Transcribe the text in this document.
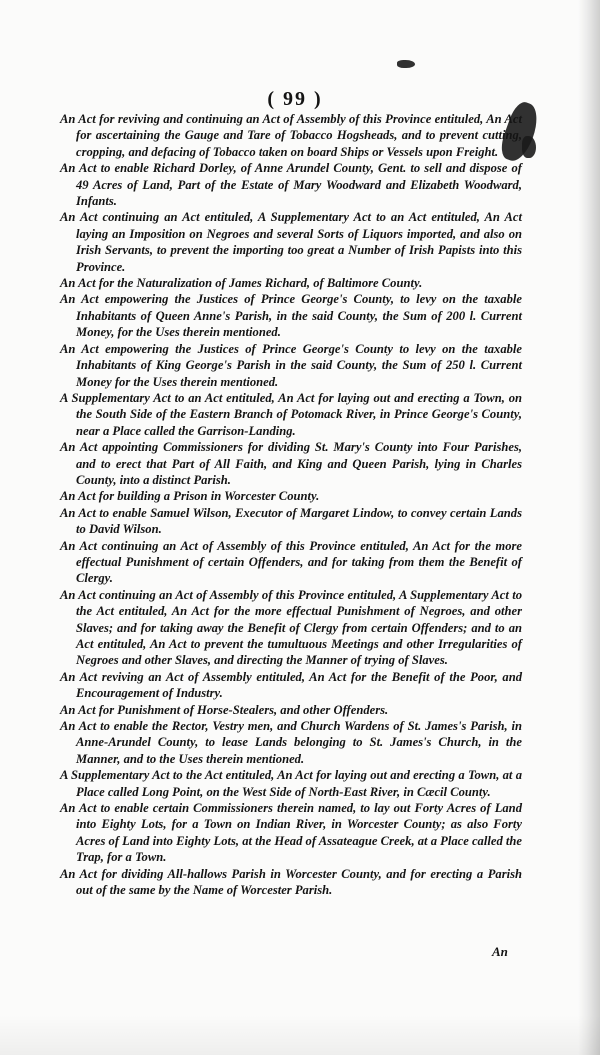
( 99 )

An Act for reviving and continuing an Act of Assembly of this Province entituled, An Act for ascertaining the Gauge and Tare of Tobacco Hogsheads, and to prevent cutting, cropping, and defacing of Tobacco taken on board Ships or Vessels upon Freight.

An Act to enable Richard Dorley, of Anne Arundel County, Gent. to sell and dispose of 49 Acres of Land, Part of the Estate of Mary Woodward and Elizabeth Woodward, Infants.

An Act continuing an Act entituled, A Supplementary Act to an Act entituled, An Act laying an Imposition on Negroes and several Sorts of Liquors imported, and also on Irish Servants, to prevent the importing too great a Number of Irish Papists into this Province.

An Act for the Naturalization of James Richard, of Baltimore County.

An Act empowering the Justices of Prince George's County, to levy on the taxable Inhabitants of Queen Anne's Parish, in the said County, the Sum of 200 l. Current Money, for the Uses therein mentioned.

An Act empowering the Justices of Prince George's County to levy on the taxable Inhabitants of King George's Parish in the said County, the Sum of 250 l. Current Money for the Uses therein mentioned.

A Supplementary Act to an Act entituled, An Act for laying out and erecting a Town, on the South Side of the Eastern Branch of Potomack River, in Prince George's County, near a Place called the Garrison-Landing.

An Act appointing Commissioners for dividing St. Mary's County into Four Parishes, and to erect that Part of All Faith, and King and Queen Parish, lying in Charles County, into a distinct Parish.

An Act for building a Prison in Worcester County.

An Act to enable Samuel Wilson, Executor of Margaret Lindow, to convey certain Lands to David Wilson.

An Act continuing an Act of Assembly of this Province entituled, An Act for the more effectual Punishment of certain Offenders, and for taking from them the Benefit of Clergy.

An Act continuing an Act of Assembly of this Province entituled, A Supplementary Act to the Act entituled, An Act for the more effectual Punishment of Negroes, and other Slaves; and for taking away the Benefit of Clergy from certain Offenders; and to an Act entituled, An Act to prevent the tumultuous Meetings and other Irregularities of Negroes and other Slaves, and directing the Manner of trying of Slaves.

An Act reviving an Act of Assembly entituled, An Act for the Benefit of the Poor, and Encouragement of Industry.

An Act for Punishment of Horse-Stealers, and other Offenders.

An Act to enable the Rector, Vestry men, and Church Wardens of St. James's Parish, in Anne-Arundel County, to lease Lands belonging to St. James's Church, in the Manner, and to the Uses therein mentioned.

A Supplementary Act to the Act entituled, An Act for laying out and erecting a Town, at a Place called Long Point, on the West Side of North-East River, in Cæcil County.

An Act to enable certain Commissioners therein named, to lay out Forty Acres of Land into Eighty Lots, for a Town on Indian River, in Worcester County; as also Forty Acres of Land into Eighty Lots, at the Head of Assateague Creek, at a Place called the Trap, for a Town.

An Act for dividing All-hallows Parish in Worcester County, and for erecting a Parish out of the same by the Name of Worcester Parish.

An
